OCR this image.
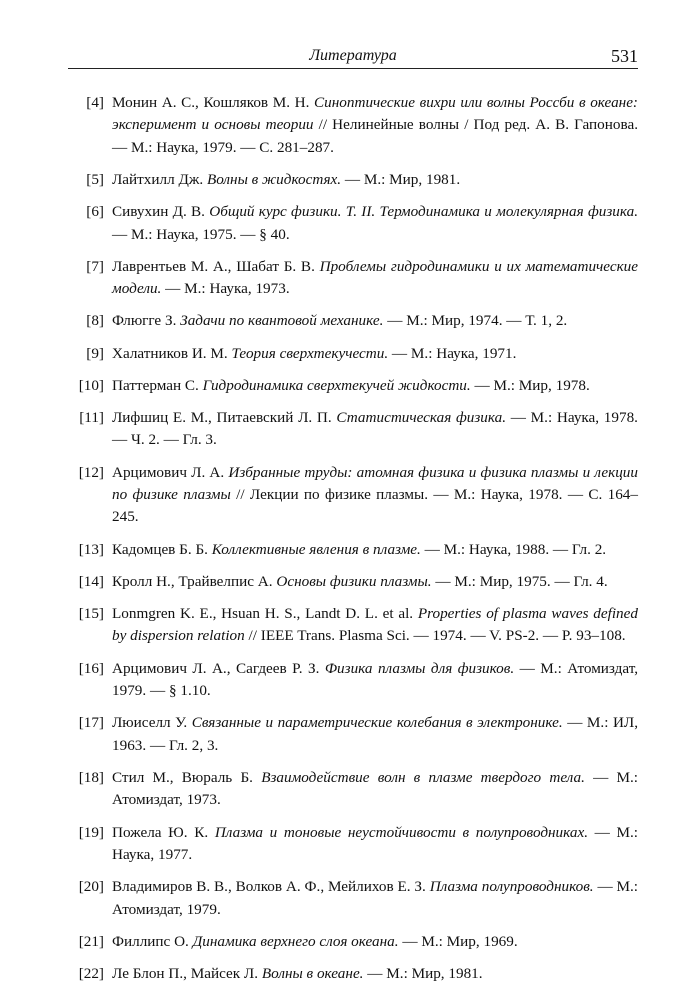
Литература	531
[4] Монин А. С., Кошляков М. Н. Синоптические вихри или волны Россби в океане: эксперимент и основы теории // Нелинейные волны / Под ред. А. В. Гапонова. — М.: Наука, 1979. — С. 281–287.
[5] Лайтхилл Дж. Волны в жидкостях. — М.: Мир, 1981.
[6] Сивухин Д. В. Общий курс физики. Т. II. Термодинамика и молекулярная физика. — М.: Наука, 1975. — § 40.
[7] Лаврентьев М. А., Шабат Б. В. Проблемы гидродинамики и их математические модели. — М.: Наука, 1973.
[8] Флюгге З. Задачи по квантовой механике. — М.: Мир, 1974. — Т. 1, 2.
[9] Халатников И. М. Теория сверхтекучести. — М.: Наука, 1971.
[10] Паттерман С. Гидродинамика сверхтекучей жидкости. — М.: Мир, 1978.
[11] Лифшиц Е. М., Питаевский Л. П. Статистическая физика. — М.: Наука, 1978. — Ч. 2. — Гл. 3.
[12] Арцимович Л. А. Избранные труды: атомная физика и физика плазмы и лекции по физике плазмы // Лекции по физике плазмы. — М.: Наука, 1978. — С. 164–245.
[13] Кадомцев Б. Б. Коллективные явления в плазме. — М.: Наука, 1988. — Гл. 2.
[14] Кролл Н., Трайвелпис А. Основы физики плазмы. — М.: Мир, 1975. — Гл. 4.
[15] Lonmgren K. E., Hsuan H. S., Landt D. L. et al. Properties of plasma waves defined by dispersion relation // IEEE Trans. Plasma Sci. — 1974. — V. PS-2. — P. 93–108.
[16] Арцимович Л. А., Сагдеев Р. З. Физика плазмы для физиков. — М.: Атомиздат, 1979. — § 1.10.
[17] Люиселл У. Связанные и параметрические колебания в электронике. — М.: ИЛ, 1963. — Гл. 2, 3.
[18] Стил М., Вюраль Б. Взаимодействие волн в плазме твердого тела. — М.: Атомиздат, 1973.
[19] Пожела Ю. К. Плазма и тоновые неустойчивости в полупроводниках. — М.: Наука, 1977.
[20] Владимиров В. В., Волков А. Ф., Мейлихов Е. З. Плазма полупроводников. — М.: Атомиздат, 1979.
[21] Филлипс О. Динамика верхнего слоя океана. — М.: Мир, 1969.
[22] Ле Блон П., Майсек Л. Волны в океане. — М.: Мир, 1981.
